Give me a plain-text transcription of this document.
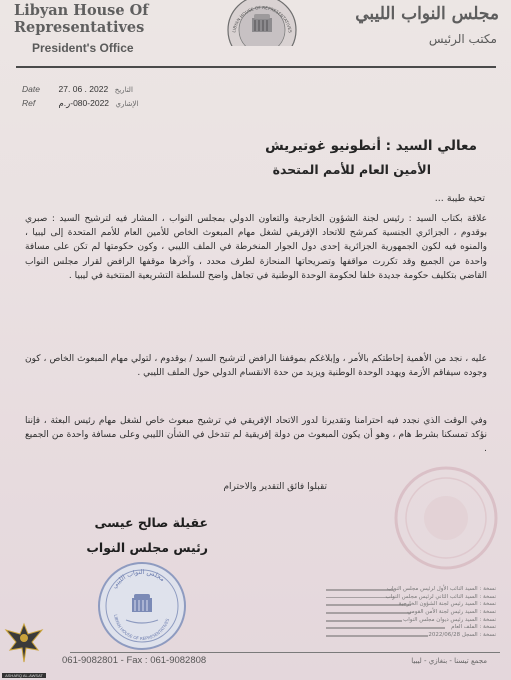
Libyan House Of
Representatives
President's Office
LIBYAN HOUSE OF REPRESENTATIVES
مجلس النواب الليبي
مكتب الرئيس
Date	التاريخ 2022 . 06 .27
Ref	الإشاري 2022-080-ر.م
معالي السيد : أنطونيو غوتيريش
الأمين العام للأمم المتحدة
تحية طيبة ...

علاقة بكتاب السيد : رئيس لجنة الشؤون الخارجية والتعاون الدولي بمجلس النواب ، المشار فيه لترشيح السيد : صبري بوقدوم ، الجزائري الجنسية كمرشح للاتحاد الإفريقي لشغل مهام المبعوث الخاص للأمين العام للأمم المتحدة إلى ليبيا ، والمنوه فيه لكون الجمهورية الجزائرية إحدى دول الجوار المنخرطة في الملف الليبي ، وكون حكومتها لم تكن على مسافة واحدة من الجميع وقد تكررت مواقفها وتصريحاتها المنحازة لطرف محدد ، وآخرها موقفها الرافض لقرار مجلس النواب القاضي بتكليف حكومة جديدة خلفا لحكومة الوحدة الوطنية في تجاهل واضح للسلطة التشريعية المنتخبة في ليبيا .

عليه ، نجد من الأهمية إحاطتكم بالأمر ، وإبلاغكم بموقفنا الرافض لترشيح السيد / بوقدوم ، لتولي مهام المبعوث الخاص ، كون وجوده سيفاقم الأزمة ويهدد الوحدة الوطنية ويزيد من حدة الانقسام الدولي حول الملف الليبي .

وفي الوقت الذي نجدد فيه احترامنا وتقديرنا لدور الاتحاد الإفريقي في ترشيح مبعوث خاص لشغل مهام رئيس البعثة ، فإننا نؤكد تمسكنا بشرط هام ، وهو أن يكون المبعوث من دولة إفريقية لم تتدخل في الشأن الليبي وعلى مسافة واحدة من الجميع .

تقبلوا فائق التقدير والاحترام
عقيلة صالح عيسى
رئيس مجلس النواب
مجلس النواب الليبي
LIBYAN HOUSE OF REPRESENTATIVES
نسخة : السيد النائب الأول لرئيس مجلس النواب
نسخة : السيد النائب الثاني لرئيس مجلس النواب
نسخة : السيد رئيس لجنة الشؤون الخارجية
نسخة : السيد رئيس لجنة الأمن القومي
نسخة : السيد رئيس ديوان مجلس النواب
نسخة : الملف العام
نسخة : السجل 2022/06/28
061-9082801 - Fax : 061-9082808	مجمع تيسنا - بنغازي - ليبيا
ASHARQ AL-AWSAT
